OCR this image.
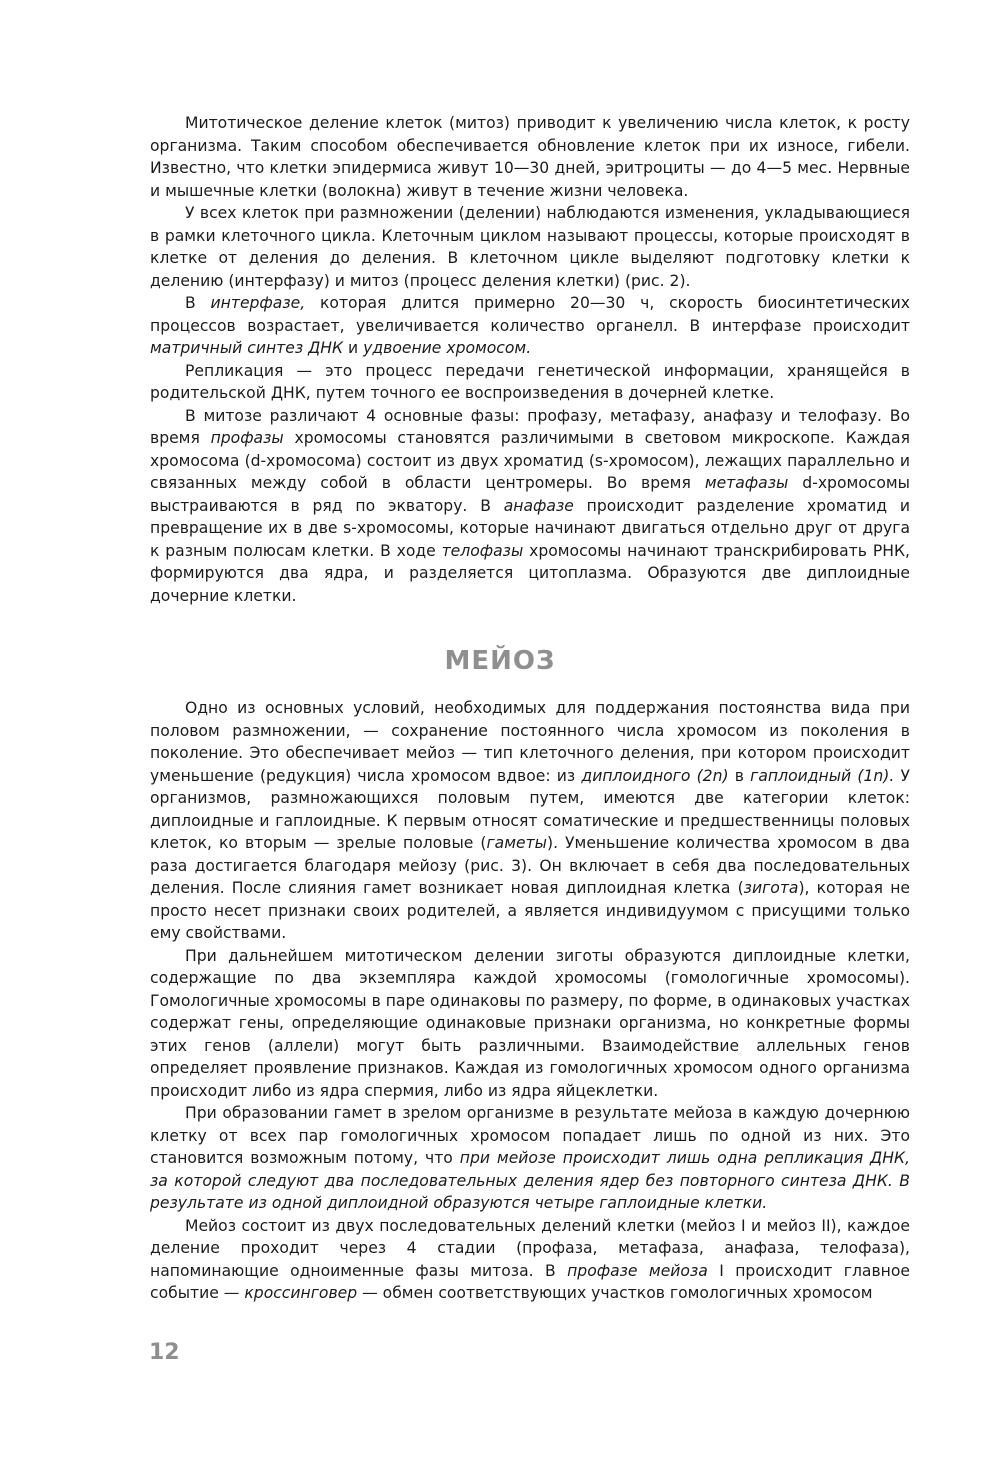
Митотическое деление клеток (митоз) приводит к увеличению числа клеток, к росту организма. Таким способом обеспечивается обновление клеток при их износе, гибели. Известно, что клетки эпидермиса живут 10—30 дней, эритроциты — до 4—5 мес. Нервные и мышечные клетки (волокна) живут в течение жизни человека.

У всех клеток при размножении (делении) наблюдаются изменения, укладывающиеся в рамки клеточного цикла. Клеточным циклом называют процессы, которые происходят в клетке от деления до деления. В клеточном цикле выделяют подготовку клетки к делению (интерфазу) и митоз (процесс деления клетки) (рис. 2).

В интерфазе, которая длится примерно 20—30 ч, скорость биосинтетических процессов возрастает, увеличивается количество органелл. В интерфазе происходит матричный синтез ДНК и удвоение хромосом.

Репликация — это процесс передачи генетической информации, хранящейся в родительской ДНК, путем точного ее воспроизведения в дочерней клетке.

В митозе различают 4 основные фазы: профазу, метафазу, анафазу и телофазу. Во время профазы хромосомы становятся различимыми в световом микроскопе. Каждая хромосома (d-хромосома) состоит из двух хроматид (s-хромосом), лежащих параллельно и связанных между собой в области центромеры. Во время метафазы d-хромосомы выстраиваются в ряд по экватору. В анафазе происходит разделение хроматид и превращение их в две s-хромосомы, которые начинают двигаться отдельно друг от друга к разным полюсам клетки. В ходе телофазы хромосомы начинают транскрибировать РНК, формируются два ядра, и разделяется цитоплазма. Образуются две диплоидные дочерние клетки.

МЕЙОЗ

Одно из основных условий, необходимых для поддержания постоянства вида при половом размножении, — сохранение постоянного числа хромосом из поколения в поколение. Это обеспечивает мейоз — тип клеточного деления, при котором происходит уменьшение (редукция) числа хромосом вдвое: из диплоидного (2n) в гаплоидный (1n). У организмов, размножающихся половым путем, имеются две категории клеток: диплоидные и гаплоидные. К первым относят соматические и предшественницы половых клеток, ко вторым — зрелые половые (гаметы). Уменьшение количества хромосом в два раза достигается благодаря мейозу (рис. 3). Он включает в себя два последовательных деления. После слияния гамет возникает новая диплоидная клетка (зигота), которая не просто несет признаки своих родителей, а является индивидуумом с присущими только ему свойствами.

При дальнейшем митотическом делении зиготы образуются диплоидные клетки, содержащие по два экземпляра каждой хромосомы (гомологичные хромосомы). Гомологичные хромосомы в паре одинаковы по размеру, по форме, в одинаковых участках содержат гены, определяющие одинаковые признаки организма, но конкретные формы этих генов (аллели) могут быть различными. Взаимодействие аллельных генов определяет проявление признаков. Каждая из гомологичных хромосом одного организма происходит либо из ядра спермия, либо из ядра яйцеклетки.

При образовании гамет в зрелом организме в результате мейоза в каждую дочернюю клетку от всех пар гомологичных хромосом попадает лишь по одной из них. Это становится возможным потому, что при мейозе происходит лишь одна репликация ДНК, за которой следуют два последовательных деления ядер без повторного синтеза ДНК. В результате из одной диплоидной образуются четыре гаплоидные клетки.

Мейоз состоит из двух последовательных делений клетки (мейоз I и мейоз II), каждое деление проходит через 4 стадии (профаза, метафаза, анафаза, телофаза), напоминающие одноименные фазы митоза. В профазе мейоза I происходит главное событие — кроссинговер — обмен соответствующих участков гомологичных хромосом

12
